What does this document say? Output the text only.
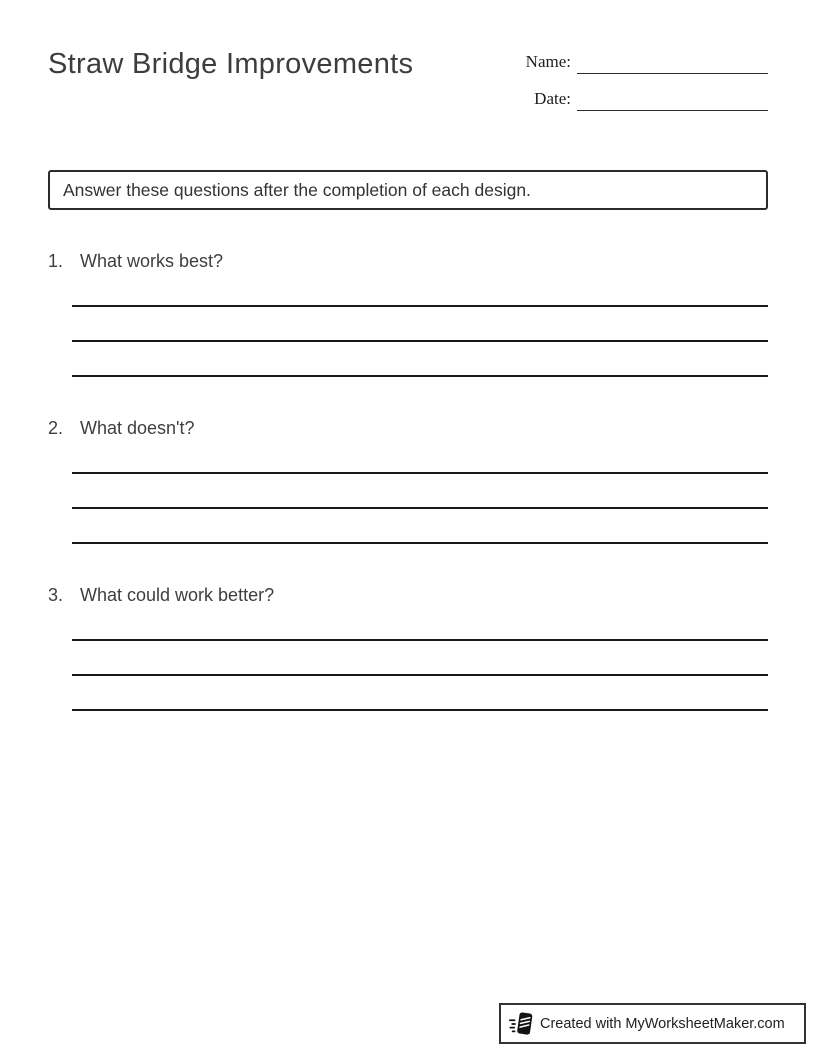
Straw Bridge Improvements	Name:
Date:
Answer these questions after the completion of each design.
1. What works best?
2. What doesn't?
3. What could work better?
Created with MyWorksheetMaker.com
